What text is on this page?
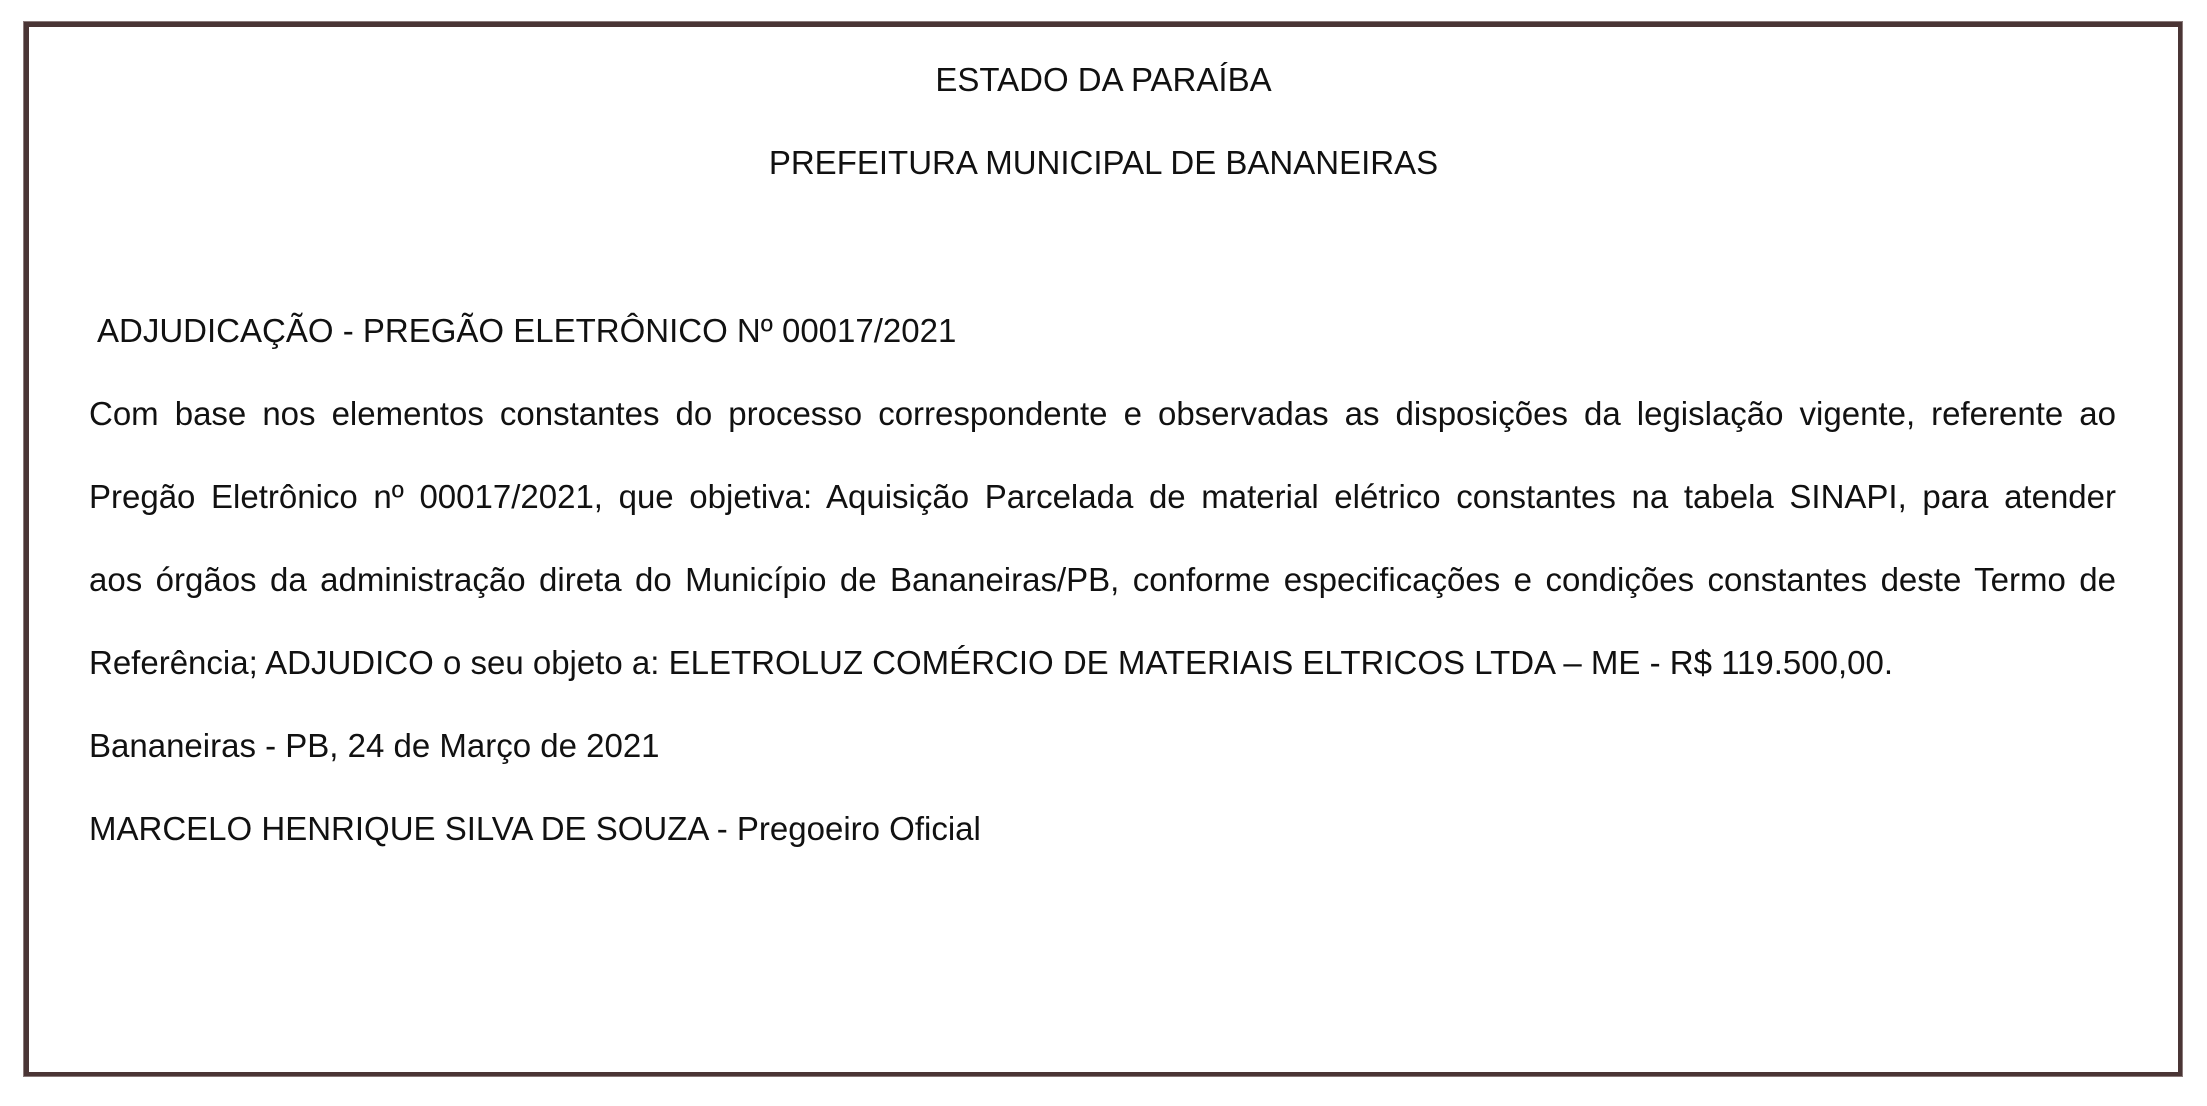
ESTADO DA PARAÍBA
PREFEITURA MUNICIPAL DE BANANEIRAS
ADJUDICAÇÃO - PREGÃO ELETRÔNICO Nº 00017/2021
Com base nos elementos constantes do processo correspondente e observadas as disposições da legislação vigente, referente ao
Pregão Eletrônico nº 00017/2021, que objetiva: Aquisição Parcelada de material elétrico constantes na tabela SINAPI, para atender
aos órgãos da administração direta do Município de Bananeiras/PB, conforme especificações e condições constantes deste Termo de
Referência; ADJUDICO o seu objeto a: ELETROLUZ COMÉRCIO DE MATERIAIS ELTRICOS LTDA – ME - R$ 119.500,00.
Bananeiras - PB, 24 de Março de 2021
MARCELO HENRIQUE SILVA DE SOUZA - Pregoeiro Oficial
